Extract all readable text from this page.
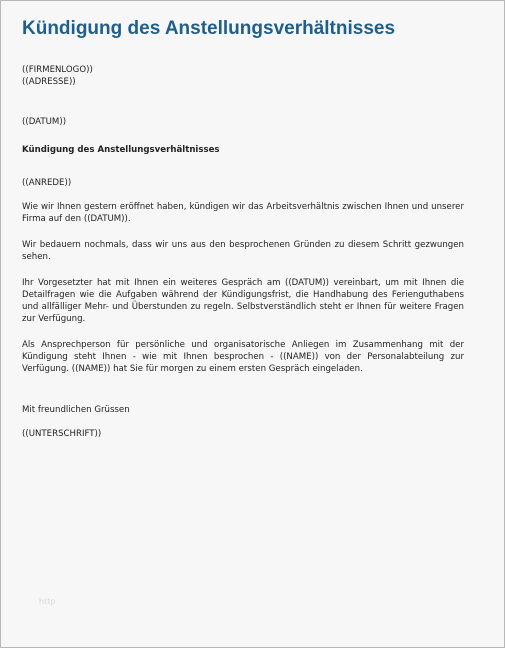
Kündigung des Anstellungsverhältnisses
((FIRMENLOGO))
((ADRESSE))
((DATUM))
Kündigung des Anstellungsverhältnisses
((ANREDE))
Wie wir Ihnen gestern eröffnet haben, kündigen wir das Arbeitsverhältnis zwischen Ihnen und unserer Firma auf den ((DATUM)).
Wir bedauern nochmals, dass wir uns aus den besprochenen Gründen zu diesem Schritt gezwungen sehen.
Ihr Vorgesetzter hat mit Ihnen ein weiteres Gespräch am ((DATUM)) vereinbart, um mit Ihnen die Detailfragen wie die Aufgaben während der Kündigungsfrist, die Handhabung des Ferienguthabens und allfälliger Mehr- und Überstunden zu regeln. Selbstverständlich steht er Ihnen für weitere Fragen zur Verfügung.
Als Ansprechperson für persönliche und organisatorische Anliegen im Zusammenhang mit der Kündigung steht Ihnen - wie mit Ihnen besprochen - ((NAME)) von der Personalabteilung zur Verfügung. ((NAME)) hat Sie für morgen zu einem ersten Gespräch eingeladen.
Mit freundlichen Grüssen
((UNTERSCHRIFT))
http
